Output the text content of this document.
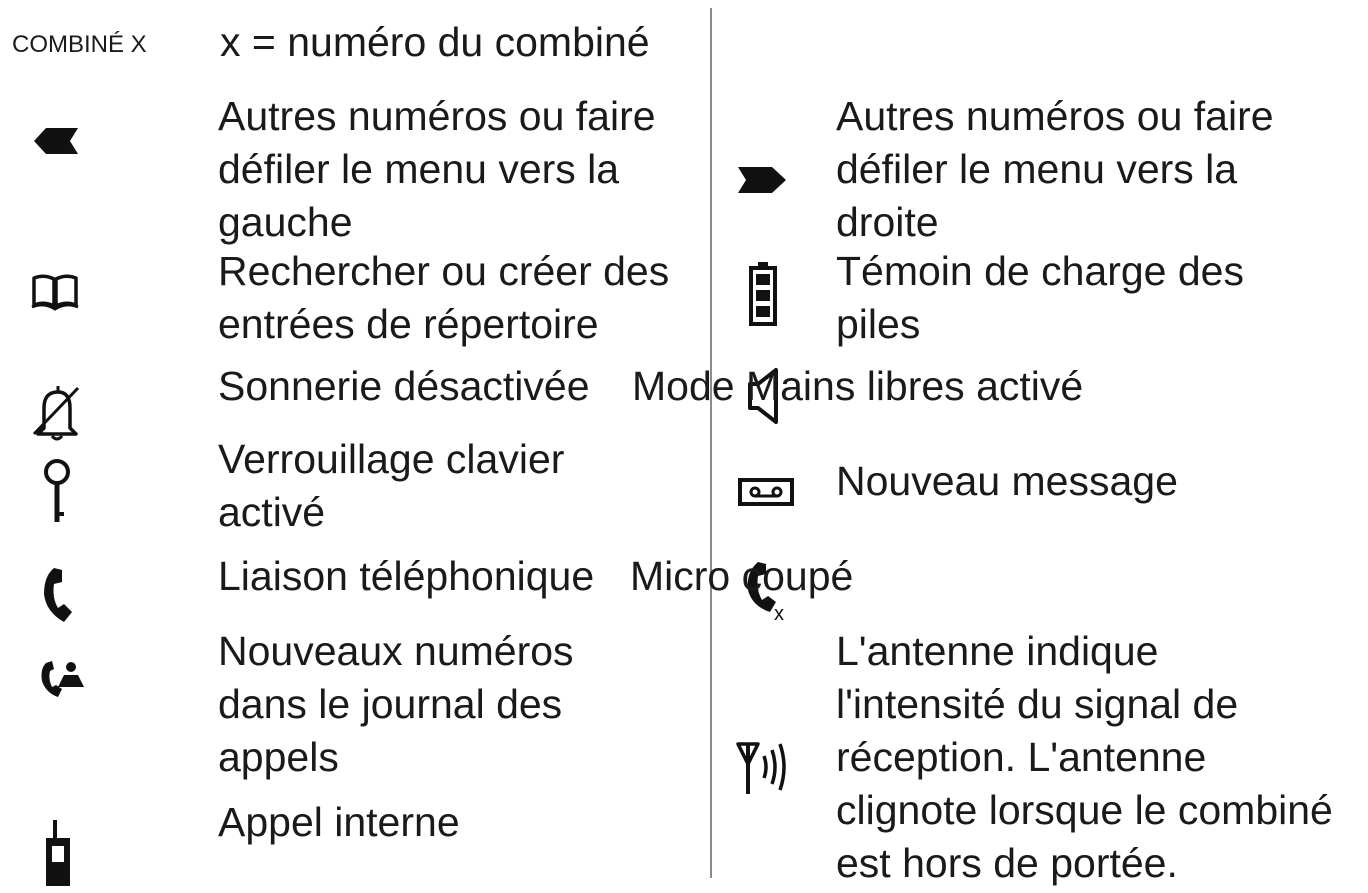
COMBINÉ X x = numéro du combiné
Autres numéros ou faire
défiler le menu vers la
gauche
Rechercher ou créer des
entrées de répertoire
Sonnerie désactivée
Verrouillage clavier
activé
Liaison téléphonique
Nouveaux numéros
dans le journal des
appels
Appel interne
Autres numéros ou faire
défiler le menu vers la
droite
Témoin de charge des
piles
Mode Mains libres activé
Nouveau message
x
Micro coupé
L'antenne indique
l'intensité du signal de
réception. L'antenne
clignote lorsque le combiné
est hors de portée.
